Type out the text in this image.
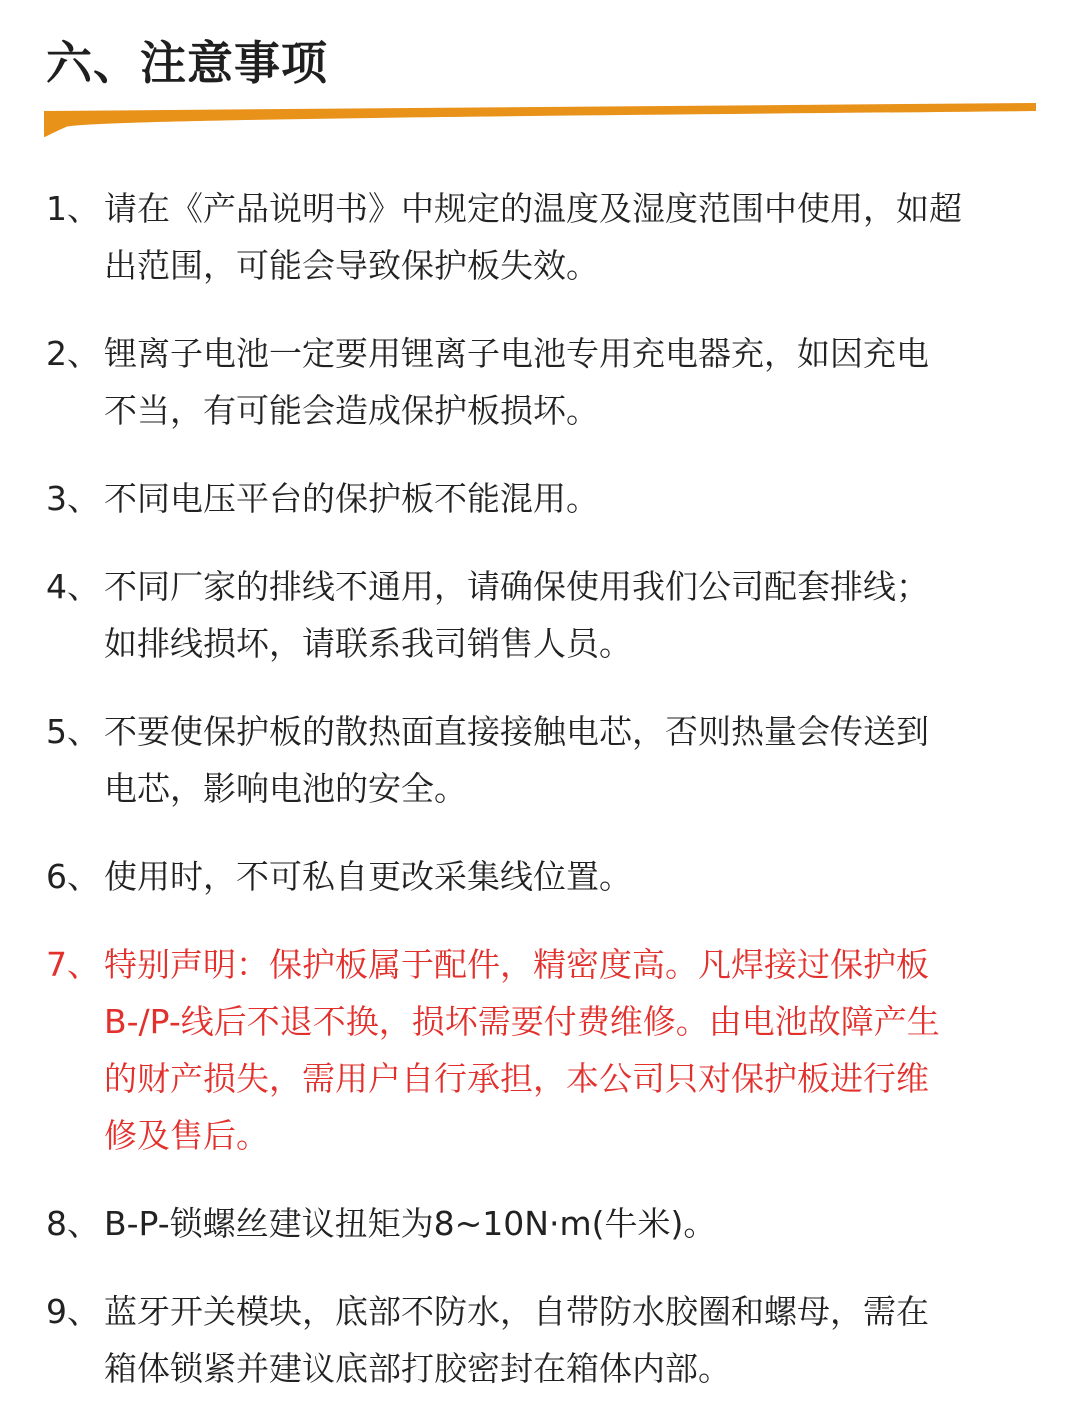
六、注意事项
1、 请在《产品说明书》中规定的温度及湿度范围中使用，如超
出范围，可能会导致保护板失效。
2、 锂离子电池一定要用锂离子电池专用充电器充，如因充电
不当，有可能会造成保护板损坏。
3、 不同电压平台的保护板不能混用。
4、 不同厂家的排线不通用，请确保使用我们公司配套排线；
如排线损坏，请联系我司销售人员。
5、 不要使保护板的散热面直接接触电芯，否则热量会传送到
电芯，影响电池的安全。
6、 使用时，不可私自更改采集线位置。
7、 特别声明：保护板属于配件，精密度高。凡焊接过保护板
B-/P-线后不退不换，损坏需要付费维修。由电池故障产生
的财产损失，需用户自行承担，本公司只对保护板进行维
修及售后。
8、 B-P-锁螺丝建议扭矩为8~10N·m(牛米)。
9、 蓝牙开关模块，底部不防水，自带防水胶圈和螺母，需在
箱体锁紧并建议底部打胶密封在箱体内部。
